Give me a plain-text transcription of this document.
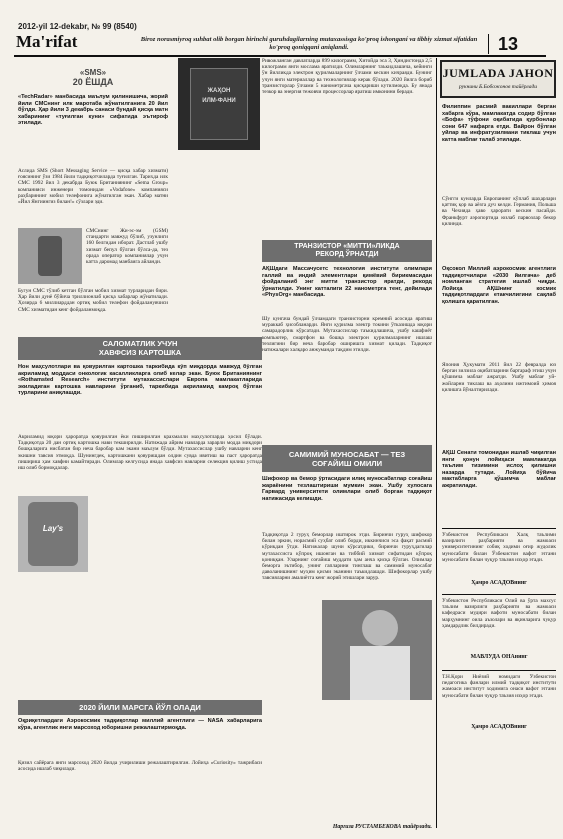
2012-yil 12-dekabr, № 99 (8540)
Ma'rifat	Biroz norasmiyroq suhbat olib borgan birinchi guruhdagilarning mutaxassisga ko'proq ishonganí va tibbiy xizmat sifatidan ko'proq qoniqqani aniqlandi.	13
«SMS»
20 ЁШДА
«TechRadar» манбасида маълум қилинишича, жорий йили СМСнинг илк маротаба жўнатилганига 20 йил бўлди. Ҳар йили 3 декабрь санаси бундай қисқа матн хабарининг «туғилган куни» сифатида эътироф этилади.
Аслида SMS (Short Messaging Service — қисқа хабар хизмати) ғоясининг ўзи 1984 йили тадқиқотчиларда туғилган. Тарихда илк СМС 1992 йил 3 декабрда Буюк Британиянинг «Sema Group» компанияси инженери томонидан «Vodafone» компанияси раҳбарининг мобил телефонига жўнатилган экан. Хабар матни «Йил Янгиингиз билан!» сўзлари эди.
СМСнинг Жи-эс-эм (GSM) стандарти мавжуд бўлиб, узунлиги 160 белгидан иборат. Дастлаб ушбу хизмат бепул бўлган бўлса-да, тез орада оператор компаниялар учун катта даромад манбаига айланди.
Бугун СМС тўлиб кетган бўлган мобил хизмат турларидан бири. Ҳар йили дунё бўйича триллионлаб қисқа хабарлар жўнатилади. Ҳозирда 6 миллиарддан ортиқ мобил телефон фойдаланувчиси СМС хизматидан кенг фойдаланмоқда.
ЖАҲОН
ИЛМ-ФАНИ
Ривожланган давлатларда 899 килограмм, Хитойда эса 3, Ҳиндистонда 2,5 килограмм янги мослама яратилди. Олимларнинг таъкидлашича, кейинги ўн йилликда электрон қурилмаларнинг ўлчами кескин кичраяди. Бунинг учун янги материаллар ва технологиялар керак бўлади. 2020 йилга бориб транзисторлар ўлчами 5 нанометргача қисқариши кутилмоқда. Бу янада тезкор ва энергия тежовчи процессорлар яратиш имконини беради.
ТРАНЗИСТОР «МИТТИ»ЛИКДА
РЕКОРД ЎРНАТДИ
АҚШдаги Массачусетс технология институти олимлари галлий ва индий элементлари қимёвий бирикмасидан фойдаланиб энг митти транзистор яратди, рекорд ўрнатилди. Унинг катталиги 22 нанометрга тенг, дейилади «PhysOrg» манбасида.
Шу кунгача бундай ўлчамдаги транзисторни кремний асосида яратиш мураккаб ҳисобланарди. Янги қурилма электр токини ўтказишда юқори самарадорлик кўрсатади. Мутахассислар таъкидлашича, ушбу кашфиёт компьютер, смартфон ва бошқа электрон қурилмаларнинг ишлаш тезлигини бир неча баробар оширишга хизмат қилади. Тадқиқот натижалари халқаро анжуманда тақдим этилди.
САЛОМАТЛИК УЧУН
ХАВФСИЗ КАРТОШКА
Нон маҳсулотлари ва қовурилган картошка таркибида кўп миқдорда мавжуд бўлган акриламид моддаси онкологик касалликларга олиб келар экан. Буюк Британиянинг «Rothamsted Research» институти мутахассислари Европа мамлакатларида экиладиган картошка навларини ўрганиб, таркибида акриламид камроқ бўлган турларини аниқлашди.
Акриламид юқори ҳароратда қовурилган ёки пиширилган крахмалли маҳсулотларда ҳосил бўлади. Тадқиқотда 20 дан ортиқ картошка нави текширилди. Натижада айрим навларда зарарли модда миқдори бошқаларига нисбатан бир неча баробар кам экани маълум бўлди. Мутахассислар ушбу навларни кенг экишни тавсия этмоқда. Шунингдек, картошкани қовуришдан олдин сувда ивитиш ва паст ҳароратда пишириш ҳам хавфни камайтиради. Олимлар келгусида янада хавфсиз навларни селекция қилиш устида иш олиб бормоқдалар.
Lay's
2020 ЙИЛИ МАРСГА ЙЎЛ ОЛАДИ
Оқриқетлардаги Аэрокосмик тадқиқотлар миллий агентлиги — NASA хабарларига кўра, агентлик янги марсоход юборишни режалаштирмоқда.
Қизил сайёрага янги марсоход 2020 йилда учирилиши режалаштирилган. Лойиҳа «Curiosity» тажрибаси асосида ишлаб чиқилади.
САМИМИЙ МУНОСАБАТ — ТЕЗ
СОҒАЙИШ ОМИЛИ
Шифокор ва бемор ўртасидаги илиқ муносабатлар соғайиш жараёнини тезлаштириши мумкин экан. Ушбу хулосага Гарвард университети олимлари олиб борган тадқиқот натижасида келишди.
Тадқиқотда 2 гуруҳ беморлар иштирок этди. Биринчи гуруҳ шифокор билан эркин, норасмий суҳбат олиб борди, иккинчиси эса фақат расмий кўрикдан ўтди. Натижалар шуни кўрсатдики, биринчи гуруҳдагилар мутахассисга кўпроқ ишонган ва тиббий хизмат сифатидан кўпроқ қониққан. Уларнинг соғайиш муддати ҳам анча қисқа бўлган. Олимлар беморга эътибор, унинг гапларини тинглаш ва самимий муносабат даволанишнинг муҳим қисми эканини таъкидлашди. Шифокорлар ушбу тавсияларни амалиётга кенг жорий этишлари зарур.
Наргиза РУСТАМБЕКОВА тайёрлади.
JUMLADA JAHON
рукнини Б.Бобожонов тайёрлади
Филиппин расмий вакиллари берган хабарга кўра, мамлакатда содир бўлган «Бофа» тўфони оқибатида қурбонлар сони 647 нафарга етди. Вайрон бўлган уйлар ва инфратузилмани тиклаш учун катта маблағ талаб этилади.
Сўнгги кунларда Европанинг кўплаб шаҳарлари қаттиқ қор ва аёзга дуч келди. Германия, Польша ва Чехияда ҳаво ҳарорати кескин пасайди. Франкфурт аэропортида юзлаб парвозлар бекор қилинди.
Оқсокол Миллий аэрокосмик агентлиги тадқиқотчилари «2030 йилгача» деб номланган стратегия ишлаб чиқди. Лойиҳа АҚШнинг космик тадқиқотлардаги етакчилигини сақлаб қолишга қаратилган.
Япония Ҳукумати 2011 йил 22 февралда юз берган зилзила оқибатларини бартараф этиш учун қўшимча маблағ ажратди. Ушбу маблағ уй-жойларни тиклаш ва аҳолини ижтимоий ҳимоя қилишга йўналтирилади.
АҚШ Сенати томонидан ишлаб чиқилган янги қонун лойиҳаси мамлакатда таълим тизимини ислоҳ қилишни назарда тутади. Лойиҳа бўйича мактабларга қўшимча маблағ ажратилади.
Ўзбекистон Республикаси Халқ таълими вазирлиги раҳбарияти ва жамоаси университетининг собиқ ходими оғир жудолик муносабати билан Ўзбекистон вафот этгани муносабати билан чуқур таъзия изҳор этади.
Ҳамро АСАДОВнинг
Ўзбекистон Республикаси Олий ва ўрта махсус таълим вазирлиги раҳбарияти ва жамоаси кафедраси мудири вафоти муносабати билан марҳумнинг оила аъзолари ва яқинларига чуқур ҳамдардлик билдиради.
МАВЛУДА ОНАнинг
Т.Н.Қори Ниёзий номидаги Ўзбекистон педагогика фанлари илмий тадқиқот институти жамоаси институт ходимига онаси вафот этгани муносабати билан чуқур таъзия изҳор этади.
Ҳамро АСАДОВнинг
